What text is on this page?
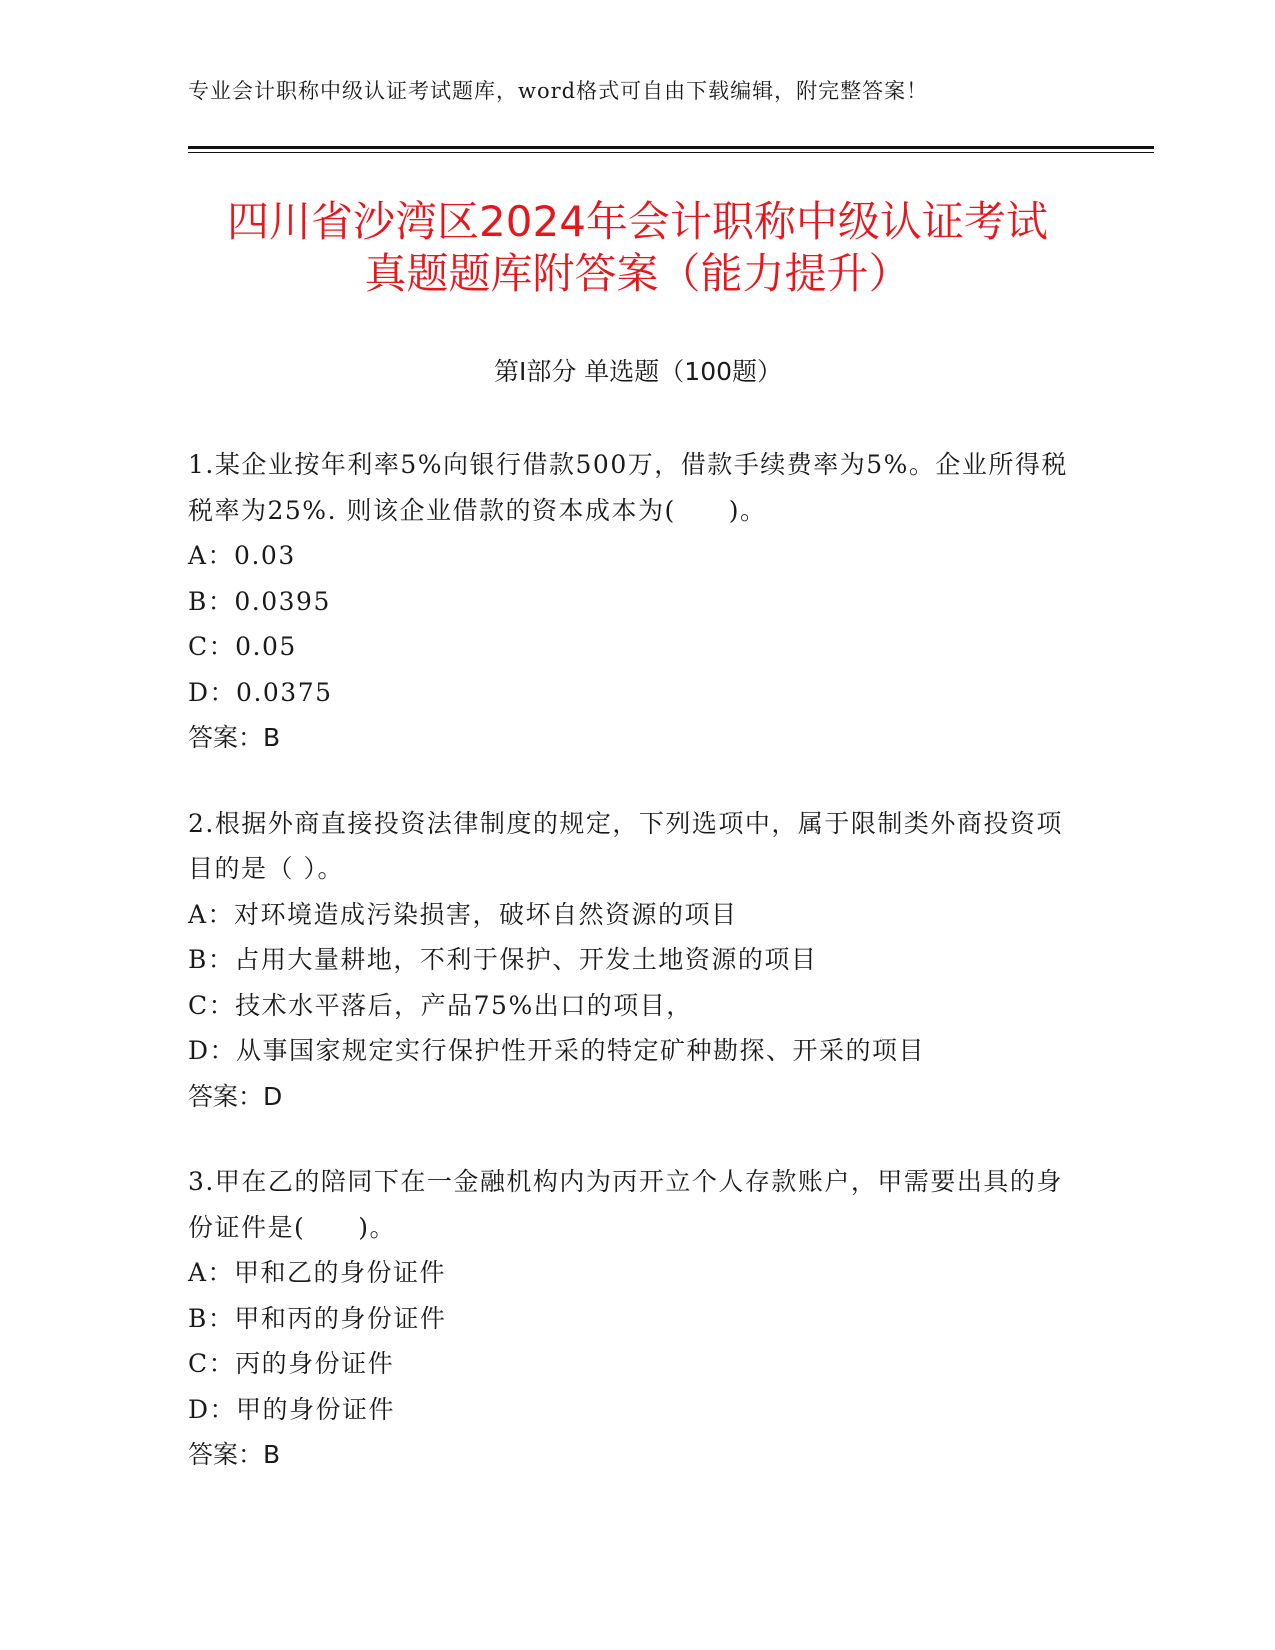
专业会计职称中级认证考试题库，word格式可自由下载编辑，附完整答案！
四川省沙湾区2024年会计职称中级认证考试
真题题库附答案（能力提升）
第Ⅰ部分 单选题（100题）

1.某企业按年利率5%向银行借款500万，借款手续费率为5%。企业所得税税率为25%. 则该企业借款的资本成本为(　　)。

A：0.03

B：0.0395

C：0.05

D：0.0375

答案：B

2.根据外商直接投资法律制度的规定，下列选项中，属于限制类外商投资项目的是（ ）。

A：对环境造成污染损害，破坏自然资源的项目

B：占用大量耕地，不利于保护、开发土地资源的项目

C：技术水平落后，产品75%出口的项目，

D：从事国家规定实行保护性开采的特定矿种勘探、开采的项目

答案：D

3.甲在乙的陪同下在一金融机构内为丙开立个人存款账户，甲需要出具的身份证件是(　　)。

A：甲和乙的身份证件

B：甲和丙的身份证件

C：丙的身份证件

D：甲的身份证件

答案：B
